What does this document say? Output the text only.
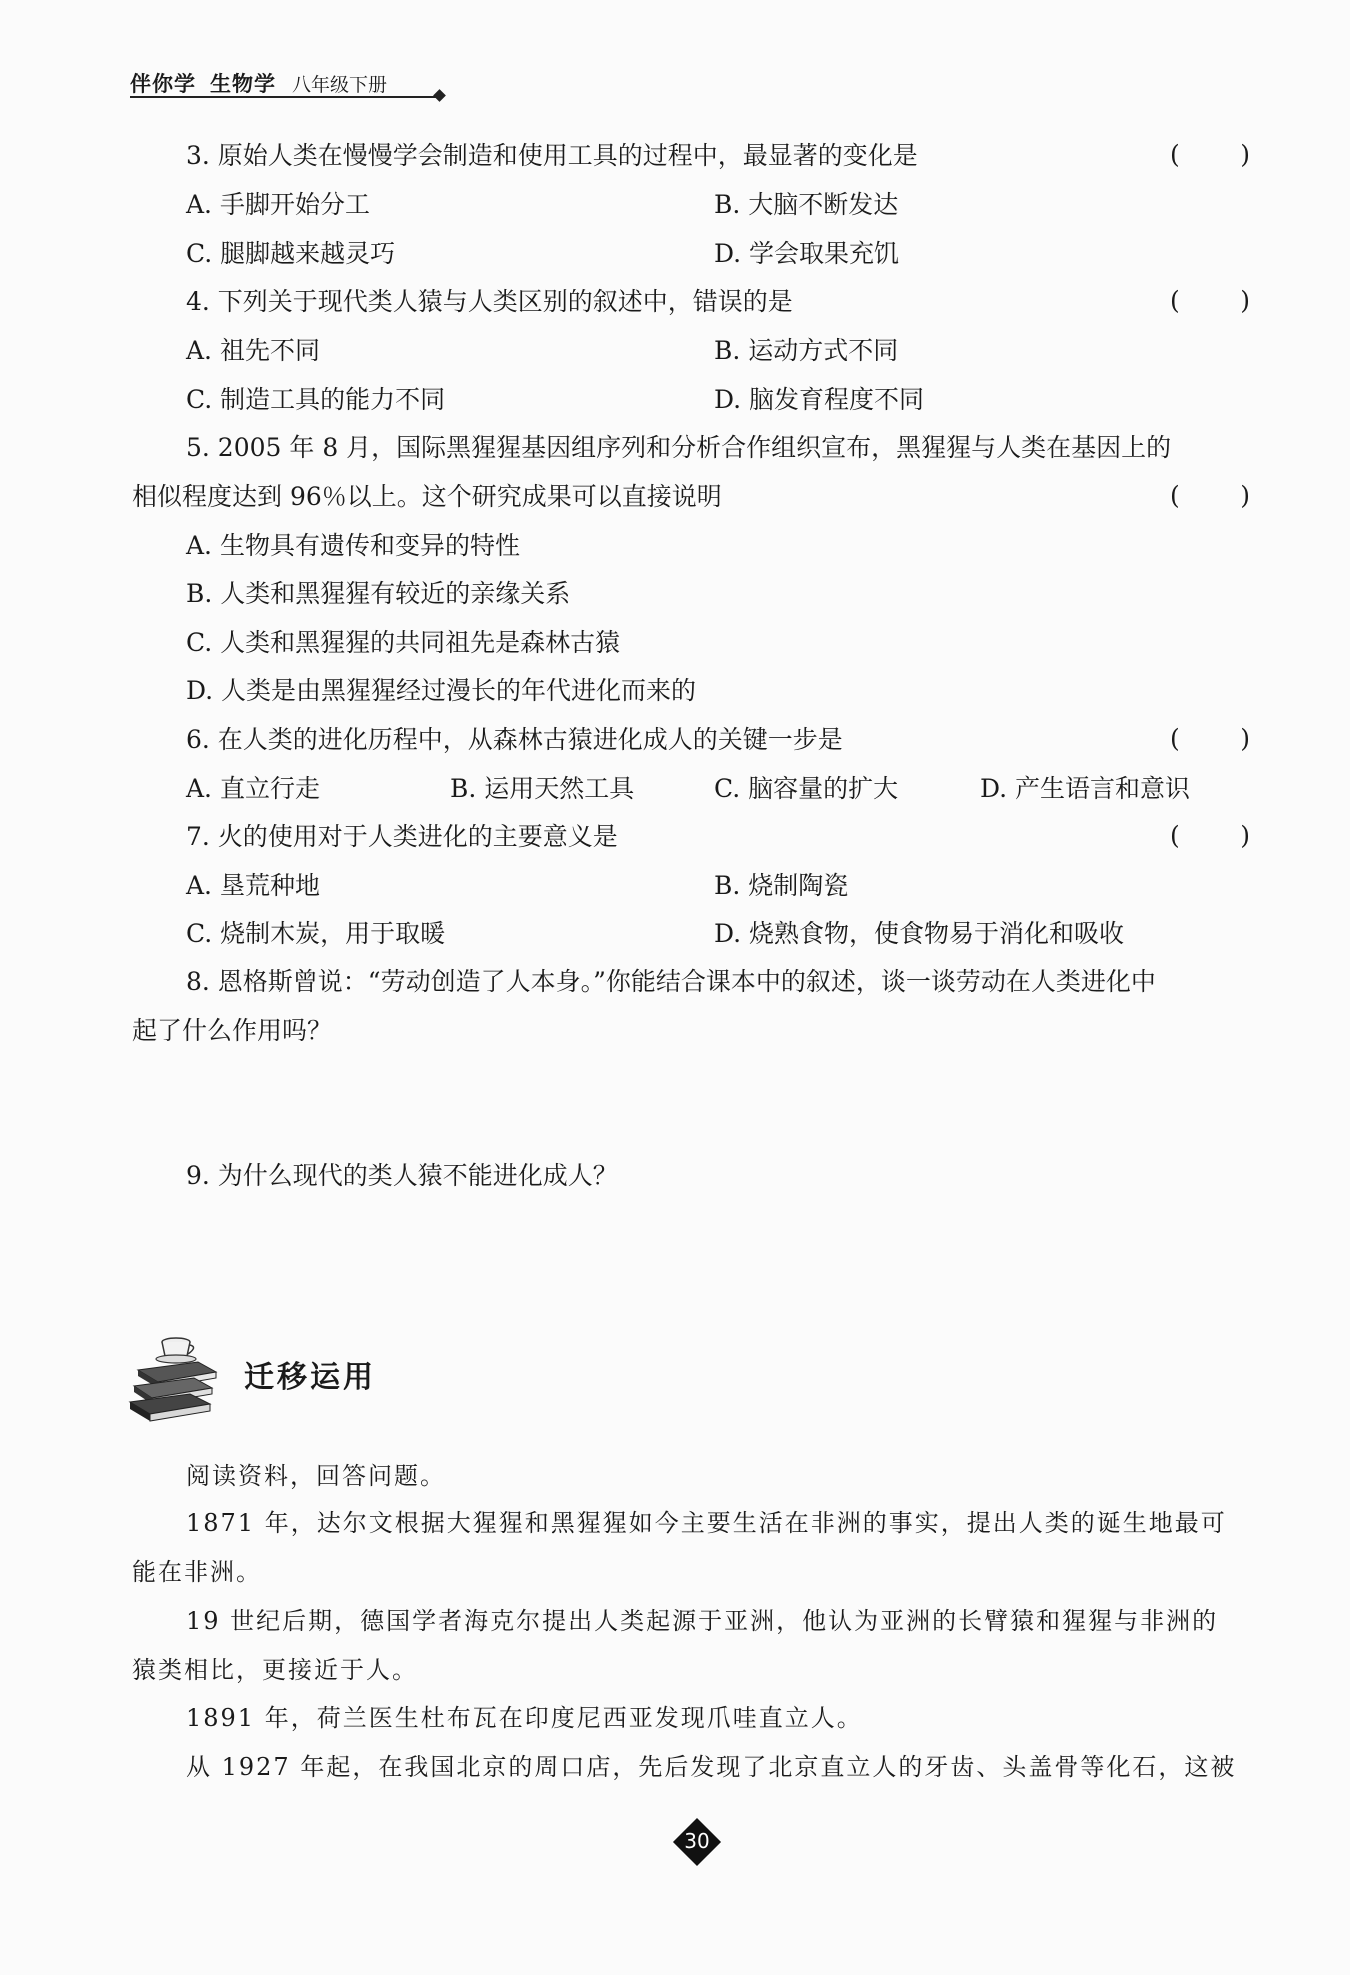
伴你学 生物学 八年级下册
3. 原始人类在慢慢学会制造和使用工具的过程中，最显著的变化是	( )
A. 手脚开始分工	B. 大脑不断发达
C. 腿脚越来越灵巧	D. 学会取果充饥
4. 下列关于现代类人猿与人类区别的叙述中，错误的是	( )
A. 祖先不同	B. 运动方式不同
C. 制造工具的能力不同	D. 脑发育程度不同
5. 2005 年 8 月，国际黑猩猩基因组序列和分析合作组织宣布，黑猩猩与人类在基因上的
相似程度达到 96％以上。这个研究成果可以直接说明	( )
A. 生物具有遗传和变异的特性
B. 人类和黑猩猩有较近的亲缘关系
C. 人类和黑猩猩的共同祖先是森林古猿
D. 人类是由黑猩猩经过漫长的年代进化而来的
6. 在人类的进化历程中，从森林古猿进化成人的关键一步是	( )
A. 直立行走	B. 运用天然工具	C. 脑容量的扩大	D. 产生语言和意识
7. 火的使用对于人类进化的主要意义是	( )
A. 垦荒种地	B. 烧制陶瓷
C. 烧制木炭，用于取暖	D. 烧熟食物，使食物易于消化和吸收
8. 恩格斯曾说：“劳动创造了人本身。”你能结合课本中的叙述，谈一谈劳动在人类进化中
起了什么作用吗？
9. 为什么现代的类人猿不能进化成人？
迁移运用
阅读资料，回答问题。
1871 年，达尔文根据大猩猩和黑猩猩如今主要生活在非洲的事实，提出人类的诞生地最可
能在非洲。
19 世纪后期，德国学者海克尔提出人类起源于亚洲，他认为亚洲的长臂猿和猩猩与非洲的
猿类相比，更接近于人。
1891 年，荷兰医生杜布瓦在印度尼西亚发现爪哇直立人。
从 1927 年起，在我国北京的周口店，先后发现了北京直立人的牙齿、头盖骨等化石，这被
30
